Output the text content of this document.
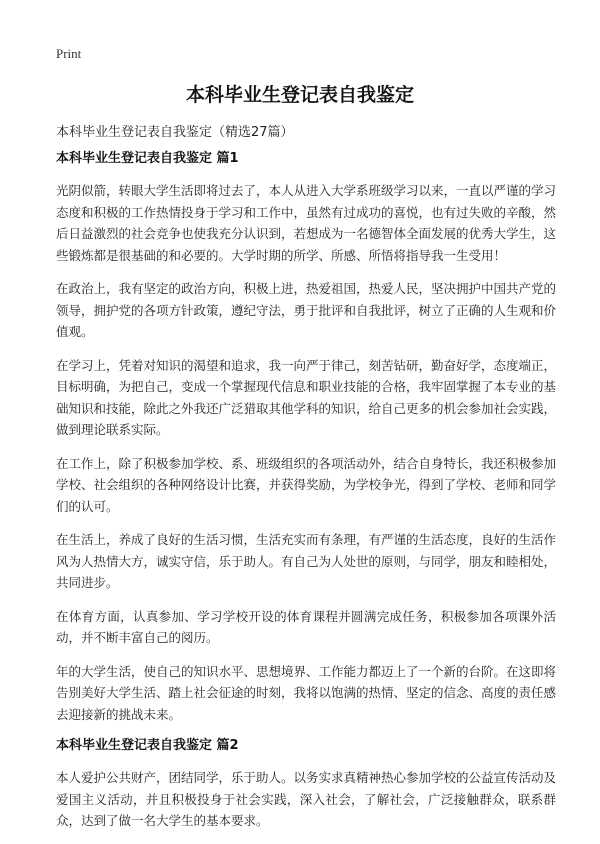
Print
本科毕业生登记表自我鉴定

本科毕业生登记表自我鉴定（精选27篇）

本科毕业生登记表自我鉴定 篇1

光阴似箭，转眼大学生活即将过去了，本人从进入大学系班级学习以来，一直以严谨的学习态度和积极的工作热情投身于学习和工作中，虽然有过成功的喜悦，也有过失败的辛酸，然后日益激烈的社会竞争也使我充分认识到，若想成为一名德智体全面发展的优秀大学生，这些锻炼都是很基础的和必要的。大学时期的所学、所感、所悟将指导我一生受用！

在政治上，我有坚定的政治方向，积极上进，热爱祖国，热爱人民，坚决拥护中国共产党的领导，拥护党的各项方针政策，遵纪守法，勇于批评和自我批评，树立了正确的人生观和价值观。

在学习上，凭着对知识的渴望和追求，我一向严于律己，刻苦钻研，勤奋好学，态度端正，目标明确，为把自己，变成一个掌握现代信息和职业技能的合格，我牢固掌握了本专业的基础知识和技能，除此之外我还广泛猎取其他学科的知识，给自己更多的机会参加社会实践，做到理论联系实际。

在工作上，除了积极参加学校、系、班级组织的各项活动外，结合自身特长，我还积极参加学校、社会组织的各种网络设计比赛，并获得奖励，为学校争光，得到了学校、老师和同学们的认可。

在生活上，养成了良好的生活习惯，生活充实而有条理，有严谨的生活态度，良好的生活作风为人热情大方，诚实守信，乐于助人。有自己为人处世的原则，与同学，朋友和睦相处，共同进步。

在体育方面，认真参加、学习学校开设的体育课程并圆满完成任务，积极参加各项课外活动，并不断丰富自己的阅历。

年的大学生活，使自己的知识水平、思想境界、工作能力都迈上了一个新的台阶。在这即将告别美好大学生活、踏上社会征途的时刻，我将以饱满的热情、坚定的信念、高度的责任感去迎接新的挑战未来。

本科毕业生登记表自我鉴定 篇2

本人爱护公共财产，团结同学，乐于助人。以务实求真精神热心参加学校的公益宣传活动及爱国主义活动，并且积极投身于社会实践，深入社会，了解社会，广泛接触群众，联系群众，达到了做一名大学生的基本要求。
